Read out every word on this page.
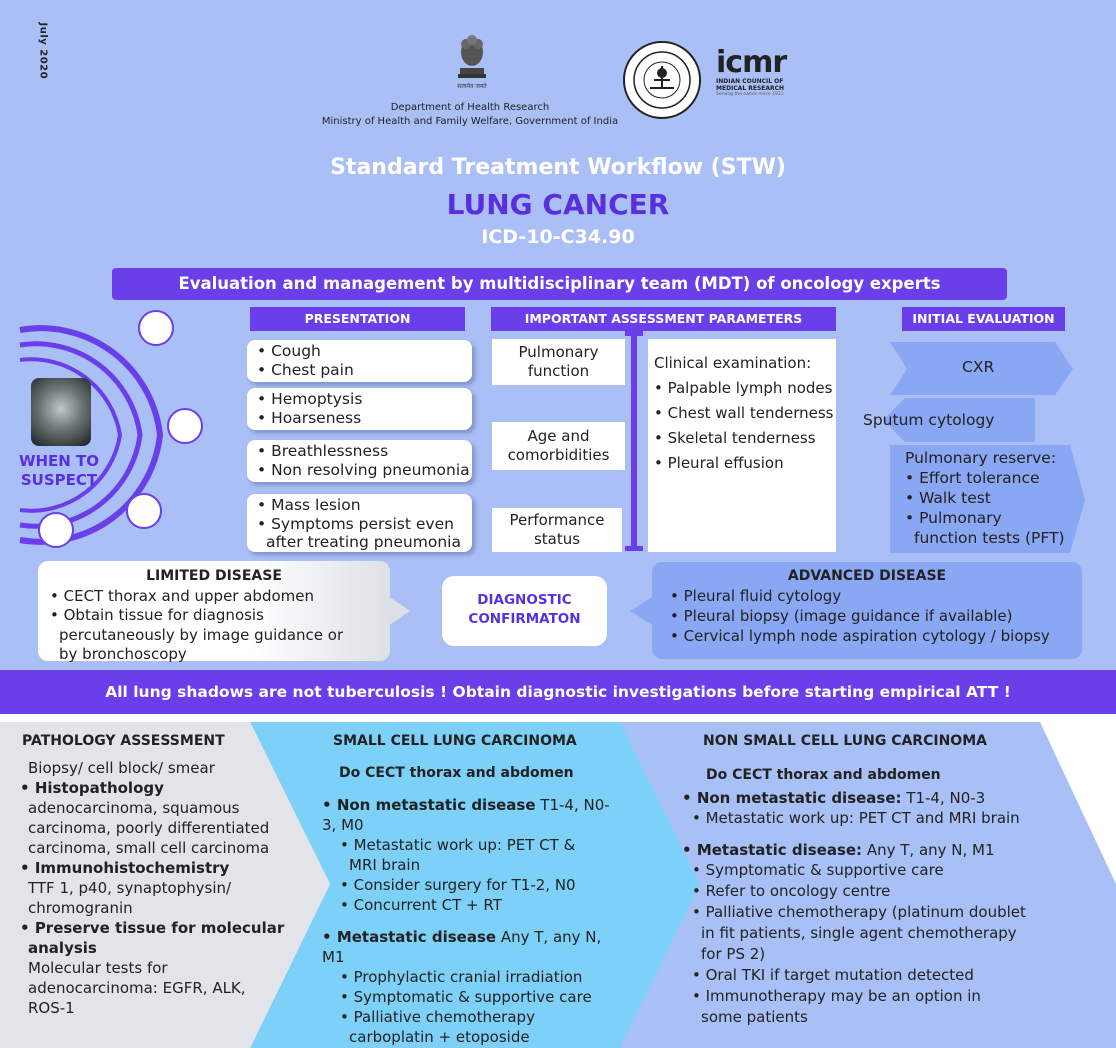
July 2020
सत्यमेव जयते
Department of Health Research
Ministry of Health and Family Welfare, Government of India
icmr
INDIAN COUNCIL OF
MEDICAL RESEARCH
Serving the nation since 1911
Standard Treatment Workflow (STW)
LUNG CANCER
ICD-10-C34.90
Evaluation and management by multidisciplinary team (MDT) of oncology experts
WHEN TO
SUSPECT
PRESENTATION
• Cough
• Chest pain
• Hemoptysis
• Hoarseness
• Breathlessness
• Non resolving pneumonia
• Mass lesion
• Symptoms persist even
after treating pneumonia
IMPORTANT ASSESSMENT PARAMETERS
Pulmonary
function
Age and
comorbidities
Performance
status
Clinical examination:
• Palpable lymph nodes
• Chest wall tenderness
• Skeletal tenderness
• Pleural effusion
INITIAL EVALUATION
CXR
Sputum cytology
Pulmonary reserve:
• Effort tolerance
• Walk test
• Pulmonary
function tests (PFT)
LIMITED DISEASE
• CECT thorax and upper abdomen
• Obtain tissue for diagnosis
percutaneously by image guidance or
by bronchoscopy
DIAGNOSTIC
CONFIRMATON
ADVANCED DISEASE
• Pleural fluid cytology
• Pleural biopsy (image guidance if available)
• Cervical lymph node aspiration cytology / biopsy
All lung shadows are not tuberculosis ! Obtain diagnostic investigations before starting empirical ATT !
PATHOLOGY ASSESSMENT
Biopsy/ cell block/ smear
• Histopathology
adenocarcinoma, squamous
carcinoma, poorly differentiated
carcinoma, small cell carcinoma
• Immunohistochemistry
TTF 1, p40, synaptophysin/
chromogranin
• Preserve tissue for molecular
analysis
Molecular tests for
adenocarcinoma: EGFR, ALK,
ROS-1
SMALL CELL LUNG CARCINOMA
Do CECT thorax and abdomen
• Non metastatic disease T1-4, N0-3, M0
• Metastatic work up: PET CT &
MRI brain
• Consider surgery for T1-2, N0
• Concurrent CT + RT
• Metastatic disease Any T, any N, M1
• Prophylactic cranial irradiation
• Symptomatic & supportive care
• Palliative chemotherapy
carboplatin + etoposide
NON SMALL CELL LUNG CARCINOMA
Do CECT thorax and abdomen
• Non metastatic disease: T1-4, N0-3
• Metastatic work up: PET CT and MRI brain
• Metastatic disease: Any T, any N, M1
• Symptomatic & supportive care
• Refer to oncology centre
• Palliative chemotherapy (platinum doublet
in fit patients, single agent chemotherapy
for PS 2)
• Oral TKI if target mutation detected
• Immunotherapy may be an option in
some patients
